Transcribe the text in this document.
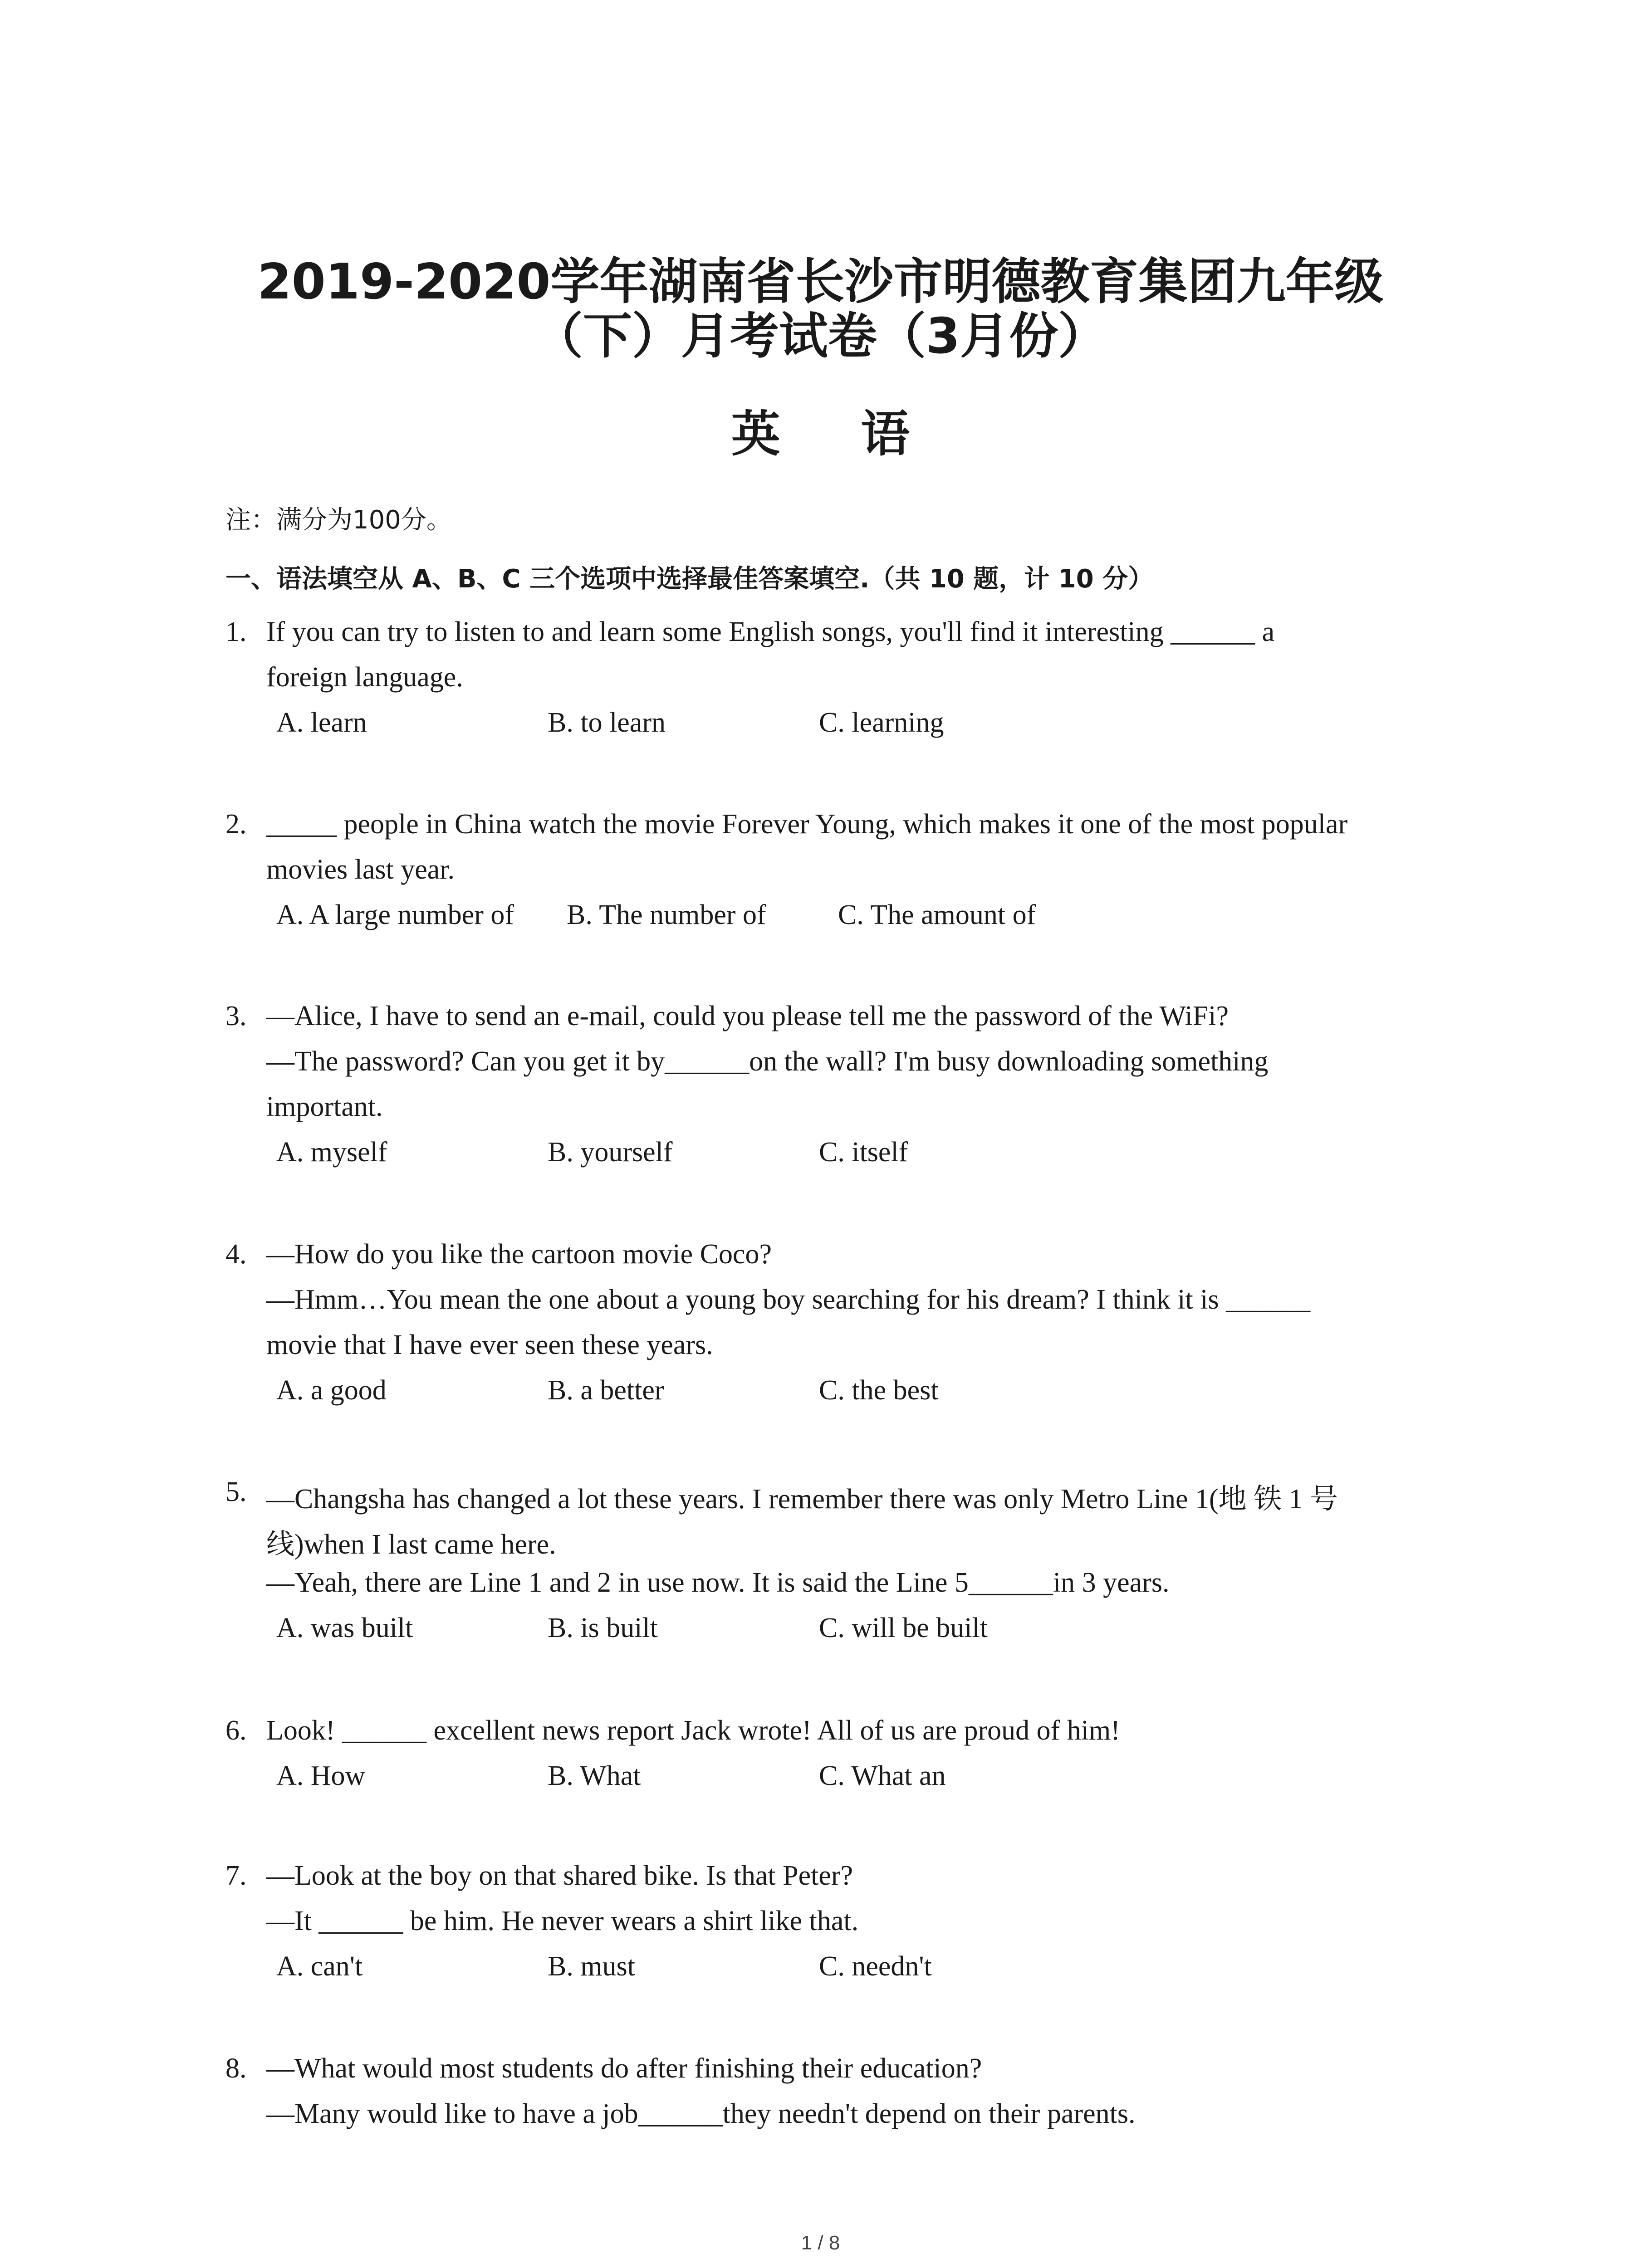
2019-2020学年湖南省长沙市明德教育集团九年级
（下）月考试卷（3月份）
英 语
注：满分为100分。
一、语法填空从 A、B、C 三个选项中选择最佳答案填空.（共 10 题，计 10 分）
1. If you can try to listen to and learn some English songs, you'll find it interesting ______ a
foreign language.
A. learn	B. to learn	C. learning
2. _____ people in China watch the movie Forever Young, which makes it one of the most popular
movies last year.
A. A large number of B. The number of	C. The amount of
3. —Alice, I have to send an e-mail, could you please tell me the password of the WiFi?
—The password? Can you get it by______on the wall? I'm busy downloading something
important.
A. myself	B. yourself	C. itself
4. —How do you like the cartoon movie Coco?
—Hmm…You mean the one about a young boy searching for his dream? I think it is ______
movie that I have ever seen these years.
A. a good	B. a better	C. the best
5. —Changsha has changed a lot these years. I remember there was only Metro Line 1(地 铁 1 号
线)when I last came here.
—Yeah, there are Line 1 and 2 in use now. It is said the Line 5______in 3 years.
A. was built	B. is built	C. will be built
6. Look! ______ excellent news report Jack wrote! All of us are proud of him!
A. How	B. What	C. What an
7. —Look at the boy on that shared bike. Is that Peter?
—It ______ be him. He never wears a shirt like that.
A. can't	B. must	C. needn't
8. —What would most students do after finishing their education?
—Many would like to have a job______they needn't depend on their parents.
1 / 8
